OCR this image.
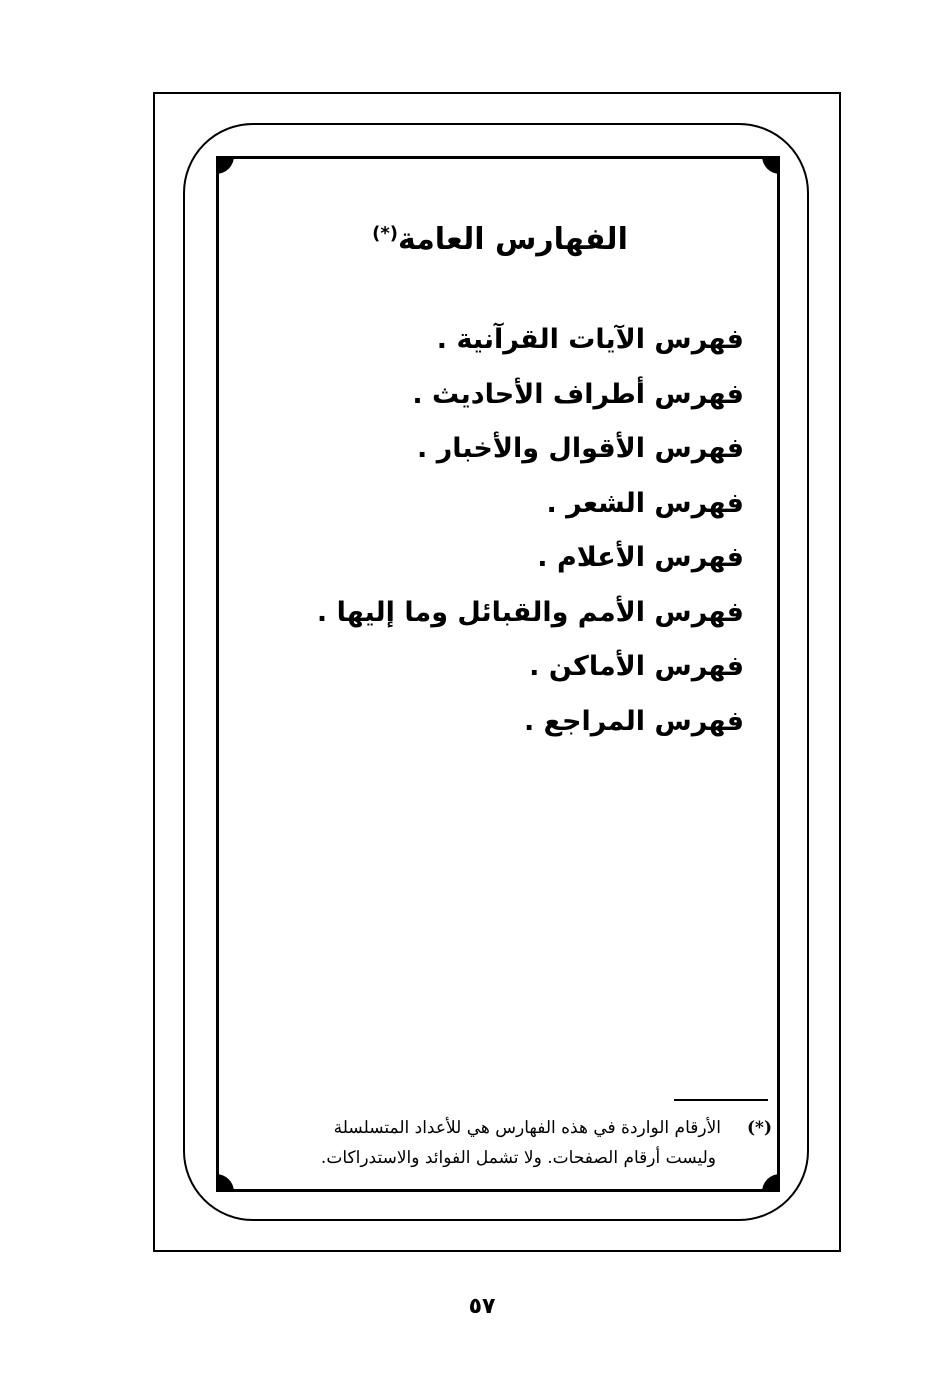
الفهارس العامة(*)
فهرس الآيات القرآنية .
فهرس أطراف الأحاديث .
فهرس الأقوال والأخبار .
فهرس الشعر .
فهرس الأعلام .
فهرس الأمم والقبائل وما إليها .
فهرس الأماكن .
فهرس المراجع .
(*)الأرقام الواردة في هذه الفهارس هي للأعداد المتسلسلة
وليست أرقام الصفحات. ولا تشمل الفوائد والاستدراكات.
٥٧
